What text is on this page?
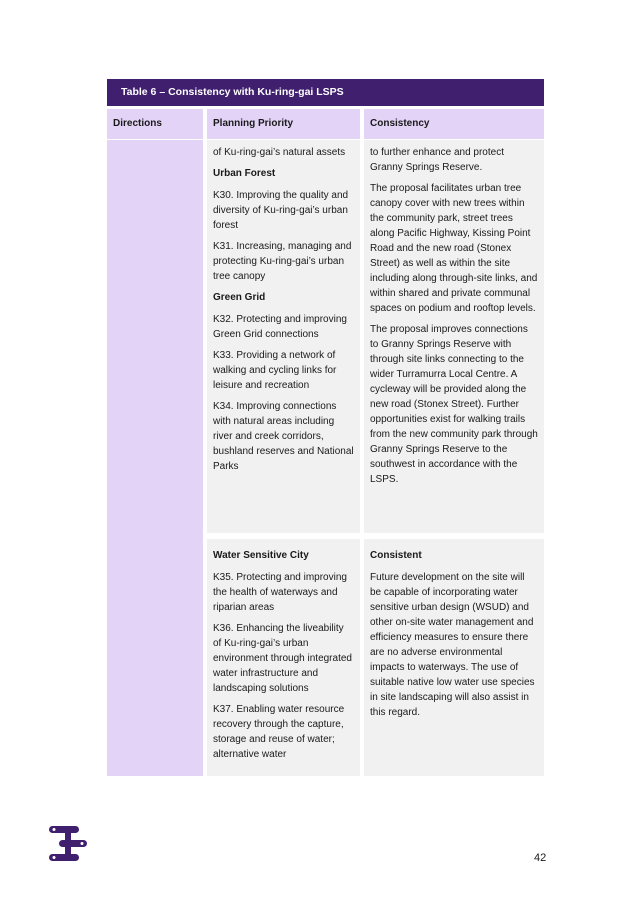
Table 6 – Consistency with Ku-ring-gai LSPS
Directions	Planning Priority	Consistency

of Ku-ring-gai’s natural assets

Urban Forest

K30. Improving the quality and diversity of Ku-ring-gai’s urban forest

K31. Increasing, managing and protecting Ku-ring-gai’s urban tree canopy

Green Grid

K32. Protecting and improving Green Grid connections

K33. Providing a network of walking and cycling links for leisure and recreation

K34. Improving connections with natural areas including river and creek corridors, bushland reserves and National Parks

to further enhance and protect Granny Springs Reserve.

The proposal facilitates urban tree canopy cover with new trees within the community park, street trees along Pacific Highway, Kissing Point Road and the new road (Stonex Street) as well as within the site including along through-site links, and within shared and private communal spaces on podium and rooftop levels.

The proposal improves connections to Granny Springs Reserve with through site links connecting to the wider Turramurra Local Centre. A cycleway will be provided along the new road (Stonex Street). Further opportunities exist for walking trails from the new community park through Granny Springs Reserve to the southwest in accordance with the LSPS.

Water Sensitive City

K35. Protecting and improving the health of waterways and riparian areas

K36. Enhancing the liveability of Ku-ring-gai’s urban environment through integrated water infrastructure and landscaping solutions

K37. Enabling water resource recovery through the capture, storage and reuse of water; alternative water

Consistent

Future development on the site will be capable of incorporating water sensitive urban design (WSUD) and other on-site water management and efficiency measures to ensure there are no adverse environmental impacts to waterways. The use of suitable native low water use species in site landscaping will also assist in this regard.

42
